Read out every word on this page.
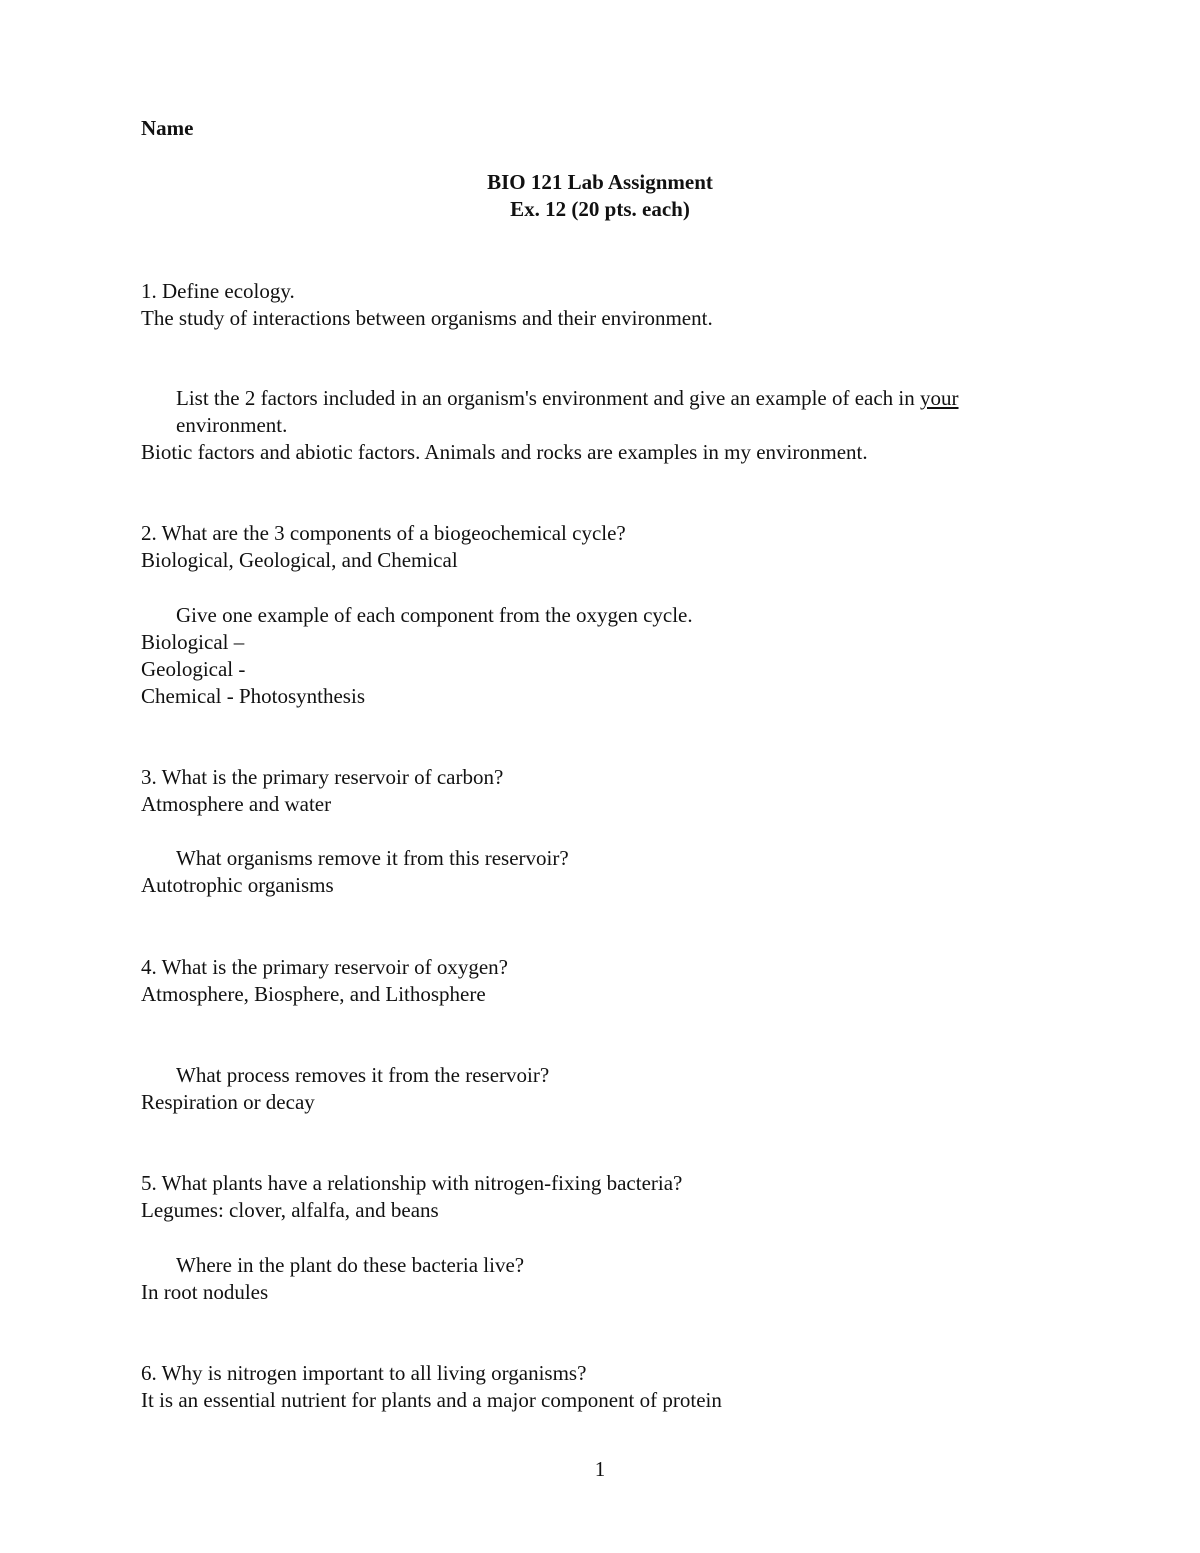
Name
BIO 121 Lab Assignment
Ex. 12 (20 pts. each)
1. Define ecology.
The study of interactions between organisms and their environment.
List the 2 factors included in an organism's environment and give an example of each in your
environment.
Biotic factors and abiotic factors. Animals and rocks are examples in my environment.
2. What are the 3 components of a biogeochemical cycle?
Biological, Geological, and Chemical
Give one example of each component from the oxygen cycle.
Biological –
Geological -
Chemical - Photosynthesis
3. What is the primary reservoir of carbon?
Atmosphere and water
What organisms remove it from this reservoir?
Autotrophic organisms
4. What is the primary reservoir of oxygen?
Atmosphere, Biosphere, and Lithosphere
What process removes it from the reservoir?
Respiration or decay
5. What plants have a relationship with nitrogen-fixing bacteria?
Legumes: clover, alfalfa, and beans
Where in the plant do these bacteria live?
In root nodules
6. Why is nitrogen important to all living organisms?
It is an essential nutrient for plants and a major component of protein
1
